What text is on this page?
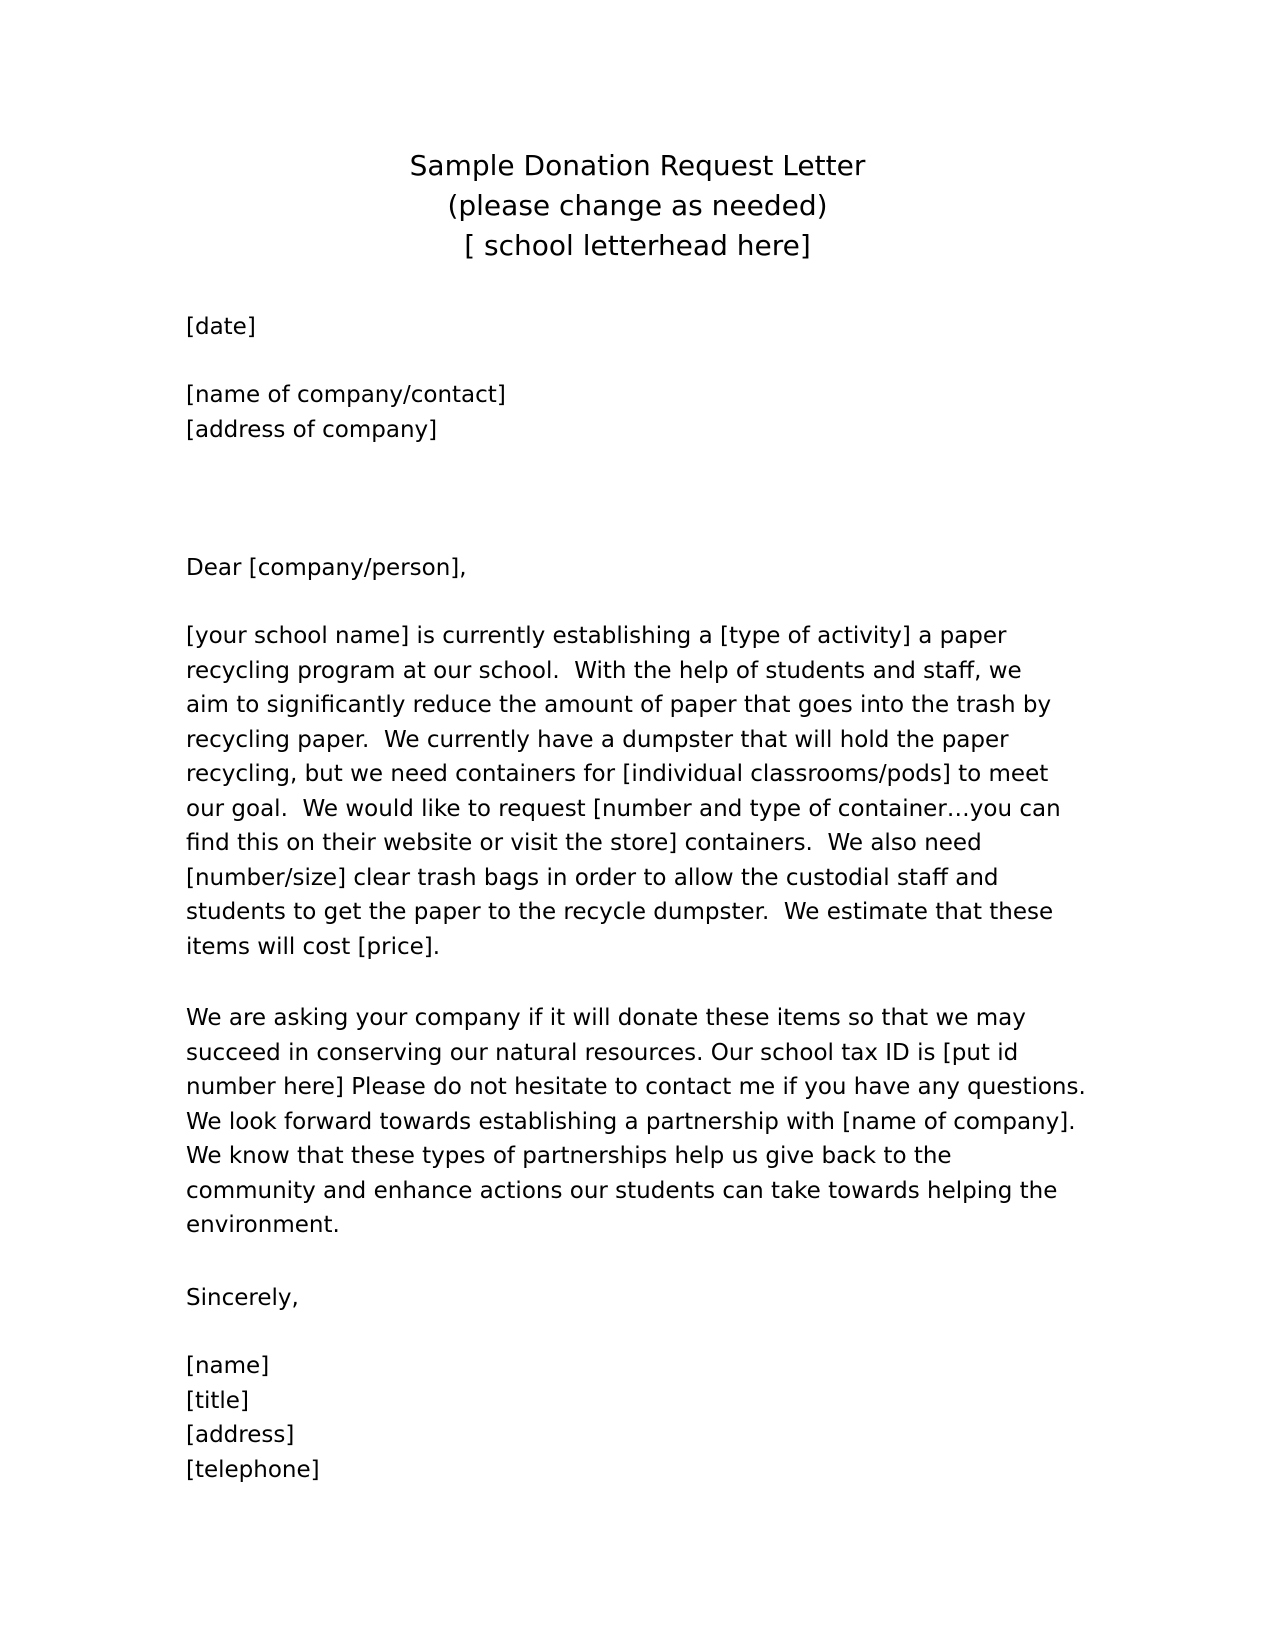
Sample Donation Request Letter
(please change as needed)
[ school letterhead here]
[date]
[name of company/contact]
[address of company]
Dear [company/person],
[your school name] is currently establishing a [type of activity] a paper
recycling program at our school.  With the help of students and staff, we
aim to significantly reduce the amount of paper that goes into the trash by
recycling paper.  We currently have a dumpster that will hold the paper
recycling, but we need containers for [individual classrooms/pods] to meet
our goal.  We would like to request [number and type of container…you can
find this on their website or visit the store] containers.  We also need
[number/size] clear trash bags in order to allow the custodial staff and
students to get the paper to the recycle dumpster.  We estimate that these
items will cost [price].
We are asking your company if it will donate these items so that we may
succeed in conserving our natural resources. Our school tax ID is [put id
number here] Please do not hesitate to contact me if you have any questions.
We look forward towards establishing a partnership with [name of company].
We know that these types of partnerships help us give back to the
community and enhance actions our students can take towards helping the
environment.
Sincerely,
[name]
[title]
[address]
[telephone]
